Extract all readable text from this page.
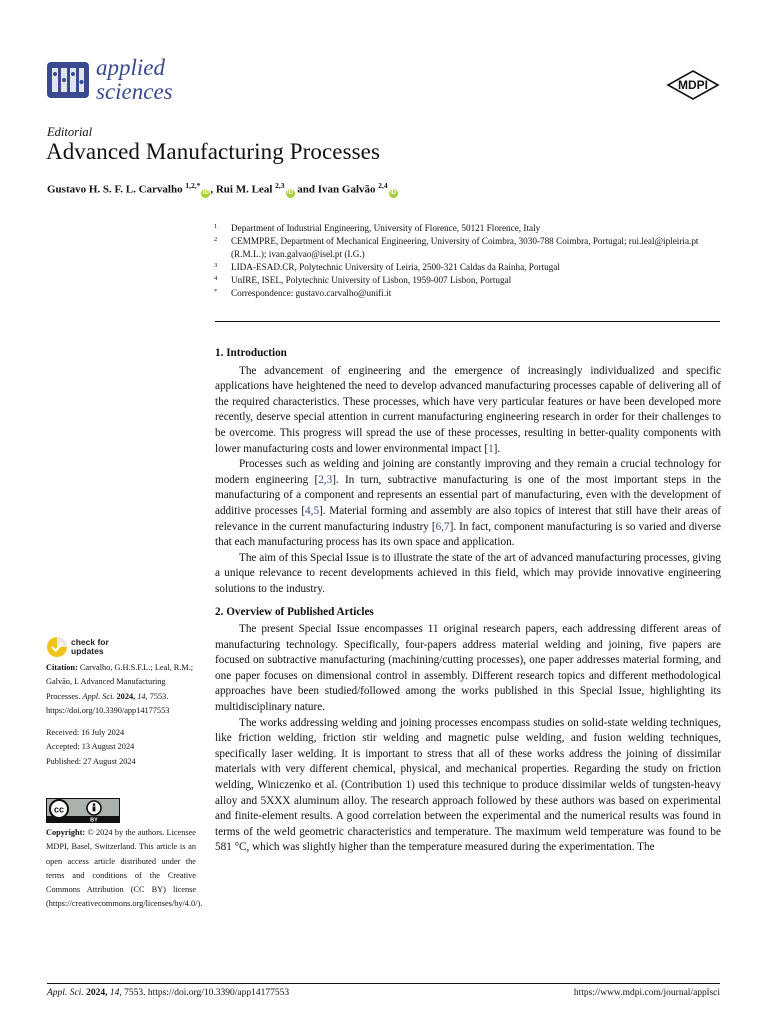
applied
sciences	MDPI
Editorial
Advanced Manufacturing Processes
Gustavo H. S. F. L. Carvalho $^{1,2,*}$iD , Rui M. Leal $^{2,3}$iD and Ivan Galvão $^{2,4}$iD
1	Department of Industrial Engineering, University of Florence, 50121 Florence, Italy
2	CEMMPRE, Department of Mechanical Engineering, University of Coimbra, 3030-788 Coimbra, Portugal; rui.leal@ipleiria.pt (R.M.L.); ivan.galvao@isel.pt (I.G.)
3	LIDA-ESAD.CR, Polytechnic University of Leiria, 2500-321 Caldas da Rainha, Portugal
4	UnIRE, ISEL, Polytechnic University of Lisbon, 1959-007 Lisbon, Portugal
*	Correspondence: gustavo.carvalho@unifi.it
1. Introduction

The advancement of engineering and the emergence of increasingly individualized and specific applications have heightened the need to develop advanced manufacturing processes capable of delivering all of the required characteristics. These processes, which have very particular features or have been developed more recently, deserve special attention in current manufacturing engineering research in order for their challenges to be overcome. This progress will spread the use of these processes, resulting in better-quality components with lower manufacturing costs and lower environmental impact [1].

Processes such as welding and joining are constantly improving and they remain a crucial technology for modern engineering [2,3]. In turn, subtractive manufacturing is one of the most important steps in the manufacturing of a component and represents an essential part of manufacturing, even with the development of additive processes [4,5]. Material forming and assembly are also topics of interest that still have their areas of relevance in the current manufacturing industry [6,7]. In fact, component manufacturing is so varied and diverse that each manufacturing process has its own space and application.

The aim of this Special Issue is to illustrate the state of the art of advanced manufacturing processes, giving a unique relevance to recent developments achieved in this field, which may provide innovative engineering solutions to the industry.

2. Overview of Published Articles

The present Special Issue encompasses 11 original research papers, each addressing different areas of manufacturing technology. Specifically, four-papers address material welding and joining, five papers are focused on subtractive manufacturing (machining/cutting processes), one paper addresses material forming, and one paper focuses on dimensional control in assembly. Different research topics and different methodological approaches have been studied/followed among the works published in this Special Issue, highlighting its multidisciplinary nature.

The works addressing welding and joining processes encompass studies on solid-state welding techniques, like friction welding, friction stir welding and magnetic pulse welding, and fusion welding techniques, specifically laser welding. It is important to stress that all of these works address the joining of dissimilar materials with very different chemical, physical, and mechanical properties. Regarding the study on friction welding, Winiczenko et al. (Contribution 1) used this technique to produce dissimilar welds of tungsten-heavy alloy and 5XXX aluminum alloy. The research approach followed by these authors was based on experimental and finite-element results. A good correlation between the experimental and the numerical results was found in terms of the weld geometric characteristics and temperature. The maximum weld temperature was found to be 581 °C, which was slightly higher than the temperature measured during the experimentation. The

check for
updates
Citation: Carvalho, G.H.S.F.L.; Leal, R.M.; Galvão, I. Advanced Manufacturing Processes. Appl. Sci. 2024, 14, 7553. https://doi.org/10.3390/app14177553
Received: 16 July 2024
Accepted: 13 August 2024
Published: 27 August 2024
cc
BY
Copyright: © 2024 by the authors. Licensee MDPI, Basel, Switzerland. This article is an open access article distributed under the terms and conditions of the Creative Commons Attribution (CC BY) license (https://creativecommons.org/licenses/by/4.0/).
Appl. Sci. 2024, 14, 7553. https://doi.org/10.3390/app14177553	https://www.mdpi.com/journal/applsci
